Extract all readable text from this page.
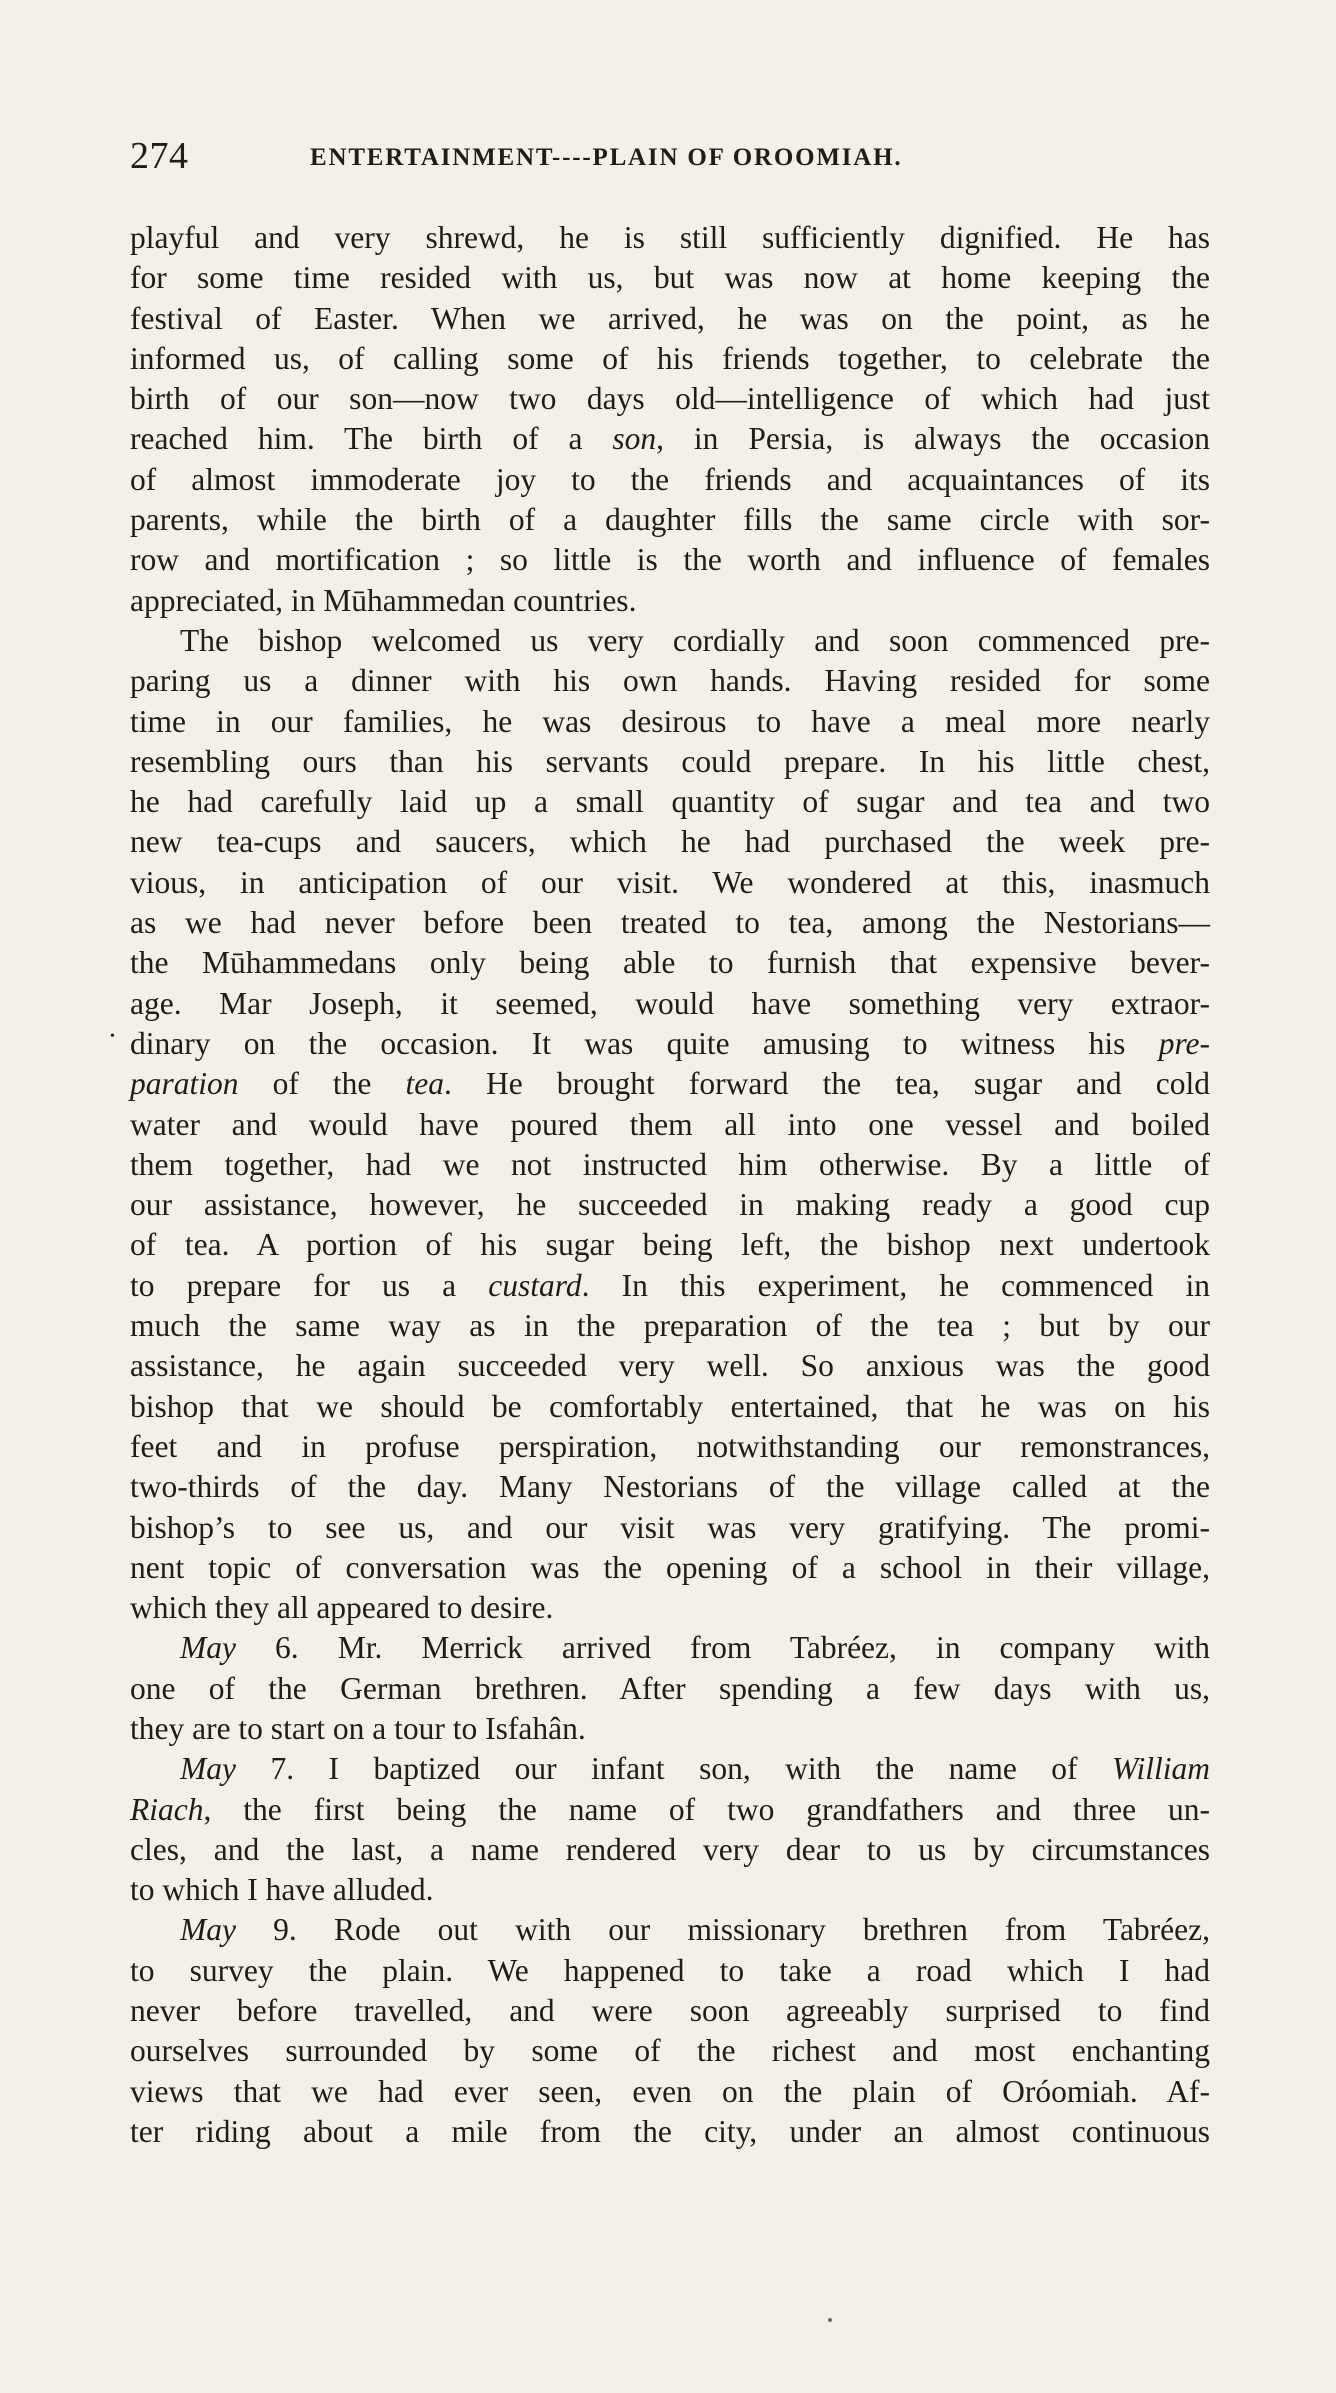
274	ENTERTAINMENT----PLAIN OF OROOMIAH.
playful and very shrewd, he is still sufficiently dignified. He has
for some time resided with us, but was now at home keeping the
festival of Easter. When we arrived, he was on the point, as he
informed us, of calling some of his friends together, to celebrate the
birth of our son—now two days old—intelligence of which had just
reached him. The birth of a son, in Persia, is always the occasion
of almost immoderate joy to the friends and acquaintances of its
parents, while the birth of a daughter fills the same circle with sor-
row and mortification ; so little is the worth and influence of females
appreciated, in Mūhammedan countries.
The bishop welcomed us very cordially and soon commenced pre-
paring us a dinner with his own hands. Having resided for some
time in our families, he was desirous to have a meal more nearly
resembling ours than his servants could prepare. In his little chest,
he had carefully laid up a small quantity of sugar and tea and two
new tea-cups and saucers, which he had purchased the week pre-
vious, in anticipation of our visit. We wondered at this, inasmuch
as we had never before been treated to tea, among the Nestorians—
the Mūhammedans only being able to furnish that expensive bever-
age. Mar Joseph, it seemed, would have something very extraor-
dinary on the occasion. It was quite amusing to witness his pre-
paration of the tea. He brought forward the tea, sugar and cold
water and would have poured them all into one vessel and boiled
them together, had we not instructed him otherwise. By a little of
our assistance, however, he succeeded in making ready a good cup
of tea. A portion of his sugar being left, the bishop next undertook
to prepare for us a custard. In this experiment, he commenced in
much the same way as in the preparation of the tea ; but by our
assistance, he again succeeded very well. So anxious was the good
bishop that we should be comfortably entertained, that he was on his
feet and in profuse perspiration, notwithstanding our remonstrances,
two-thirds of the day. Many Nestorians of the village called at the
bishop’s to see us, and our visit was very gratifying. The promi-
nent topic of conversation was the opening of a school in their village,
which they all appeared to desire.
May 6. Mr. Merrick arrived from Tabréez, in company with
one of the German brethren. After spending a few days with us,
they are to start on a tour to Isfahân.
May 7. I baptized our infant son, with the name of William
Riach, the first being the name of two grandfathers and three un-
cles, and the last, a name rendered very dear to us by circumstances
to which I have alluded.
May 9. Rode out with our missionary brethren from Tabréez,
to survey the plain. We happened to take a road which I had
never before travelled, and were soon agreeably surprised to find
ourselves surrounded by some of the richest and most enchanting
views that we had ever seen, even on the plain of Oróomiah. Af-
ter riding about a mile from the city, under an almost continuous
•
